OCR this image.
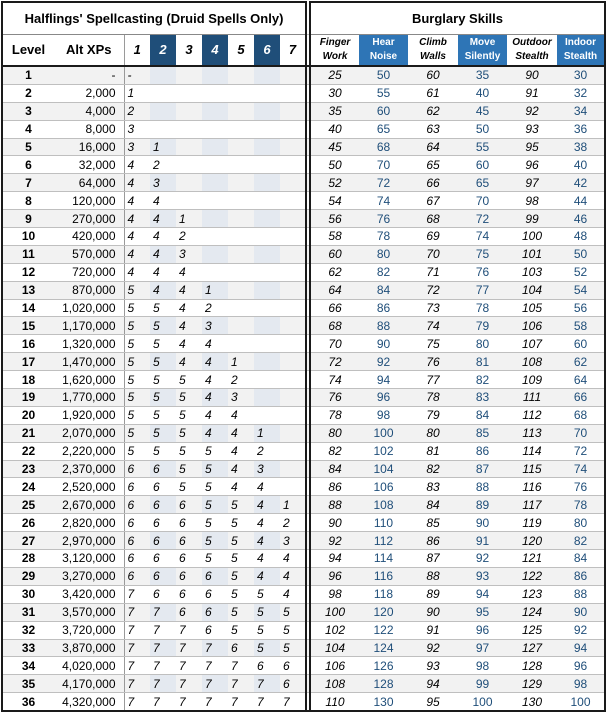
Halflings' Spellcasting (Druid Spells Only)										Burglary Skills					
Level	Alt XPs	1	2	3	4	5	6	7		Finger Work	Hear Noise	Climb Walls	Move Silently	Outdoor Stealth	Indoor Stealth
1	-	-								25	50	60	35	90	30
2	2,000	1								30	55	61	40	91	32
3	4,000	2								35	60	62	45	92	34
4	8,000	3								40	65	63	50	93	36
5	16,000	3	1							45	68	64	55	95	38
6	32,000	4	2							50	70	65	60	96	40
7	64,000	4	3							52	72	66	65	97	42
8	120,000	4	4							54	74	67	70	98	44
9	270,000	4	4	1						56	76	68	72	99	46
10	420,000	4	4	2						58	78	69	74	100	48
11	570,000	4	4	3						60	80	70	75	101	50
12	720,000	4	4	4						62	82	71	76	103	52
13	870,000	5	4	4	1					64	84	72	77	104	54
14	1,020,000	5	5	4	2					66	86	73	78	105	56
15	1,170,000	5	5	4	3					68	88	74	79	106	58
16	1,320,000	5	5	4	4					70	90	75	80	107	60
17	1,470,000	5	5	4	4	1				72	92	76	81	108	62
18	1,620,000	5	5	5	4	2				74	94	77	82	109	64
19	1,770,000	5	5	5	4	3				76	96	78	83	111	66
20	1,920,000	5	5	5	4	4				78	98	79	84	112	68
21	2,070,000	5	5	5	4	4	1			80	100	80	85	113	70
22	2,220,000	5	5	5	5	4	2			82	102	81	86	114	72
23	2,370,000	6	6	5	5	4	3			84	104	82	87	115	74
24	2,520,000	6	6	5	5	4	4			86	106	83	88	116	76
25	2,670,000	6	6	6	5	5	4	1		88	108	84	89	117	78
26	2,820,000	6	6	6	5	5	4	2		90	110	85	90	119	80
27	2,970,000	6	6	6	5	5	4	3		92	112	86	91	120	82
28	3,120,000	6	6	6	5	5	4	4		94	114	87	92	121	84
29	3,270,000	6	6	6	6	5	4	4		96	116	88	93	122	86
30	3,420,000	7	6	6	6	5	5	4		98	118	89	94	123	88
31	3,570,000	7	7	6	6	5	5	5		100	120	90	95	124	90
32	3,720,000	7	7	7	6	5	5	5		102	122	91	96	125	92
33	3,870,000	7	7	7	7	6	5	5		104	124	92	97	127	94
34	4,020,000	7	7	7	7	7	6	6		106	126	93	98	128	96
35	4,170,000	7	7	7	7	7	7	6		108	128	94	99	129	98
36	4,320,000	7	7	7	7	7	7	7		110	130	95	100	130	100
